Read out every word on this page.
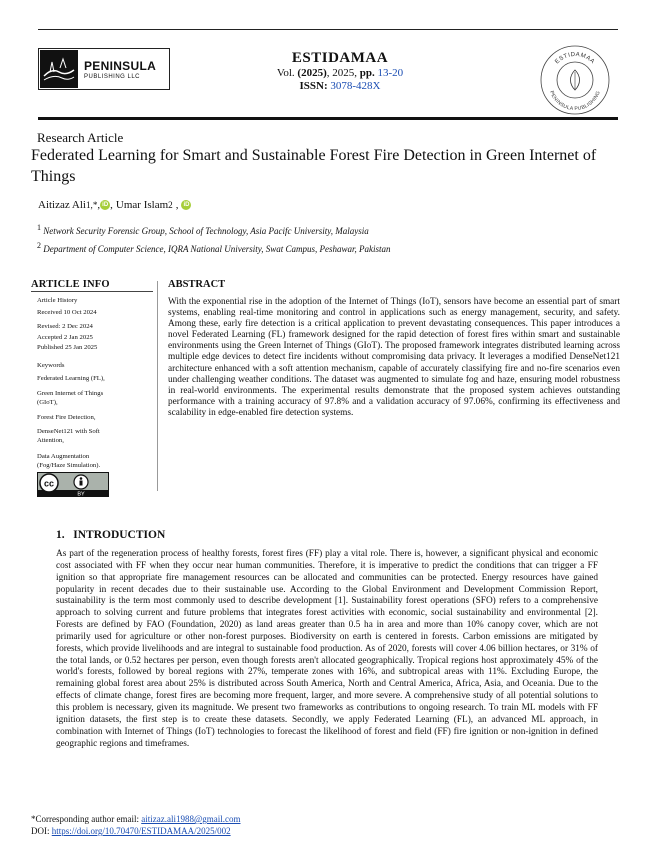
PENINSULA
PUBLISHING LLC
ESTIDAMAA
Vol. (2025), 2025, pp. 13-20
ISSN: 3078-428X
ESTIDAMAA
PENINSULA PUBLISHING
Research Article
Federated Learning for Smart and Sustainable Forest Fire Detection in Green Internet of Things
Aitizaz Ali 1,* , iD , Umar Islam 2 , iD
$^1$ Network Security Forensic Group, School of Technology, Asia Pacifc University, Malaysia
$^2$ Department of Computer Science, IQRA National University, Swat Campus, Peshawar, Pakistan
ARTICLE INFO
Article History
Received 10 Oct 2024
Revised: 2 Dec 2024
Accepted 2 Jan 2025
Published 25 Jan 2025
Keywords
Federated Learning (FL),
Green Internet of Things (GIoT),
Forest Fire Detection,
DenseNet121 with Soft Attention,
Data Augmentation (Fog/Haze Simulation).
cc
BY
ABSTRACT
With the exponential rise in the adoption of the Internet of Things (IoT), sensors have become an essential part of smart systems, enabling real-time monitoring and control in applications such as energy management, security, and safety. Among these, early fire detection is a critical application to prevent devastating consequences. This paper introduces a novel Federated Learning (FL) framework designed for the rapid detection of forest fires within smart and sustainable environments using the Green Internet of Things (GIoT). The proposed framework integrates distributed learning across multiple edge devices to detect fire incidents without compromising data privacy. It leverages a modified DenseNet121 architecture enhanced with a soft attention mechanism, capable of accurately classifying fire and no-fire scenarios even under challenging weather conditions. The dataset was augmented to simulate fog and haze, ensuring model robustness in real-world environments. The experimental results demonstrate that the proposed system achieves outstanding performance with a training accuracy of 97.8% and a validation accuracy of 97.06%, confirming its effectiveness and scalability in edge-enabled fire detection systems.
1.   INTRODUCTION
As part of the regeneration process of healthy forests, forest fires (FF) play a vital role. There is, however, a significant physical and economic cost associated with FF when they occur near human communities. Therefore, it is imperative to predict the conditions that can trigger a FF ignition so that appropriate fire management resources can be allocated and communities can be protected. Energy resources have gained popularity in recent decades due to their sustainable use. According to the Global Environment and Development Commission Report, sustainability is the term most commonly used to describe development [1]. Sustainability forest operations (SFO) refers to a comprehensive approach to solving current and future problems that integrates forest activities with economic, social sustainability and environmental [2]. Forests are defined by FAO (Foundation, 2020) as land areas greater than 0.5 ha in area and more than 10% canopy cover, which are not primarily used for agriculture or other non-forest purposes. Biodiversity on earth is centered in forests. Carbon emissions are mitigated by forests, which provide livelihoods and are integral to sustainable food production. As of 2020, forests will cover 4.06 billion hectares, or 31% of the total lands, or 0.52 hectares per person, even though forests aren't allocated geographically. Tropical regions host approximately 45% of the world's forests, followed by boreal regions with 27%, temperate zones with 16%, and subtropical areas with 11%. Excluding Europe, the remaining global forest area about 25% is distributed across South America, North and Central America, Africa, Asia, and Oceania. Due to the effects of climate change, forest fires are becoming more frequent, larger, and more severe. A comprehensive study of all potential solutions to this problem is necessary, given its magnitude. We present two frameworks as contributions to ongoing research. To train ML models with FF ignition datasets, the first step is to create these datasets. Secondly, we apply Federated Learning (FL), an advanced ML approach, in combination with Internet of Things (IoT) technologies to forecast the likelihood of forest and field (FF) fire ignition or non-ignition in defined geographic regions and timeframes.
*Corresponding author email: aitizaz.ali1988@gmail.com
DOI: https://doi.org/10.70470/ESTIDAMAA/2025/002
